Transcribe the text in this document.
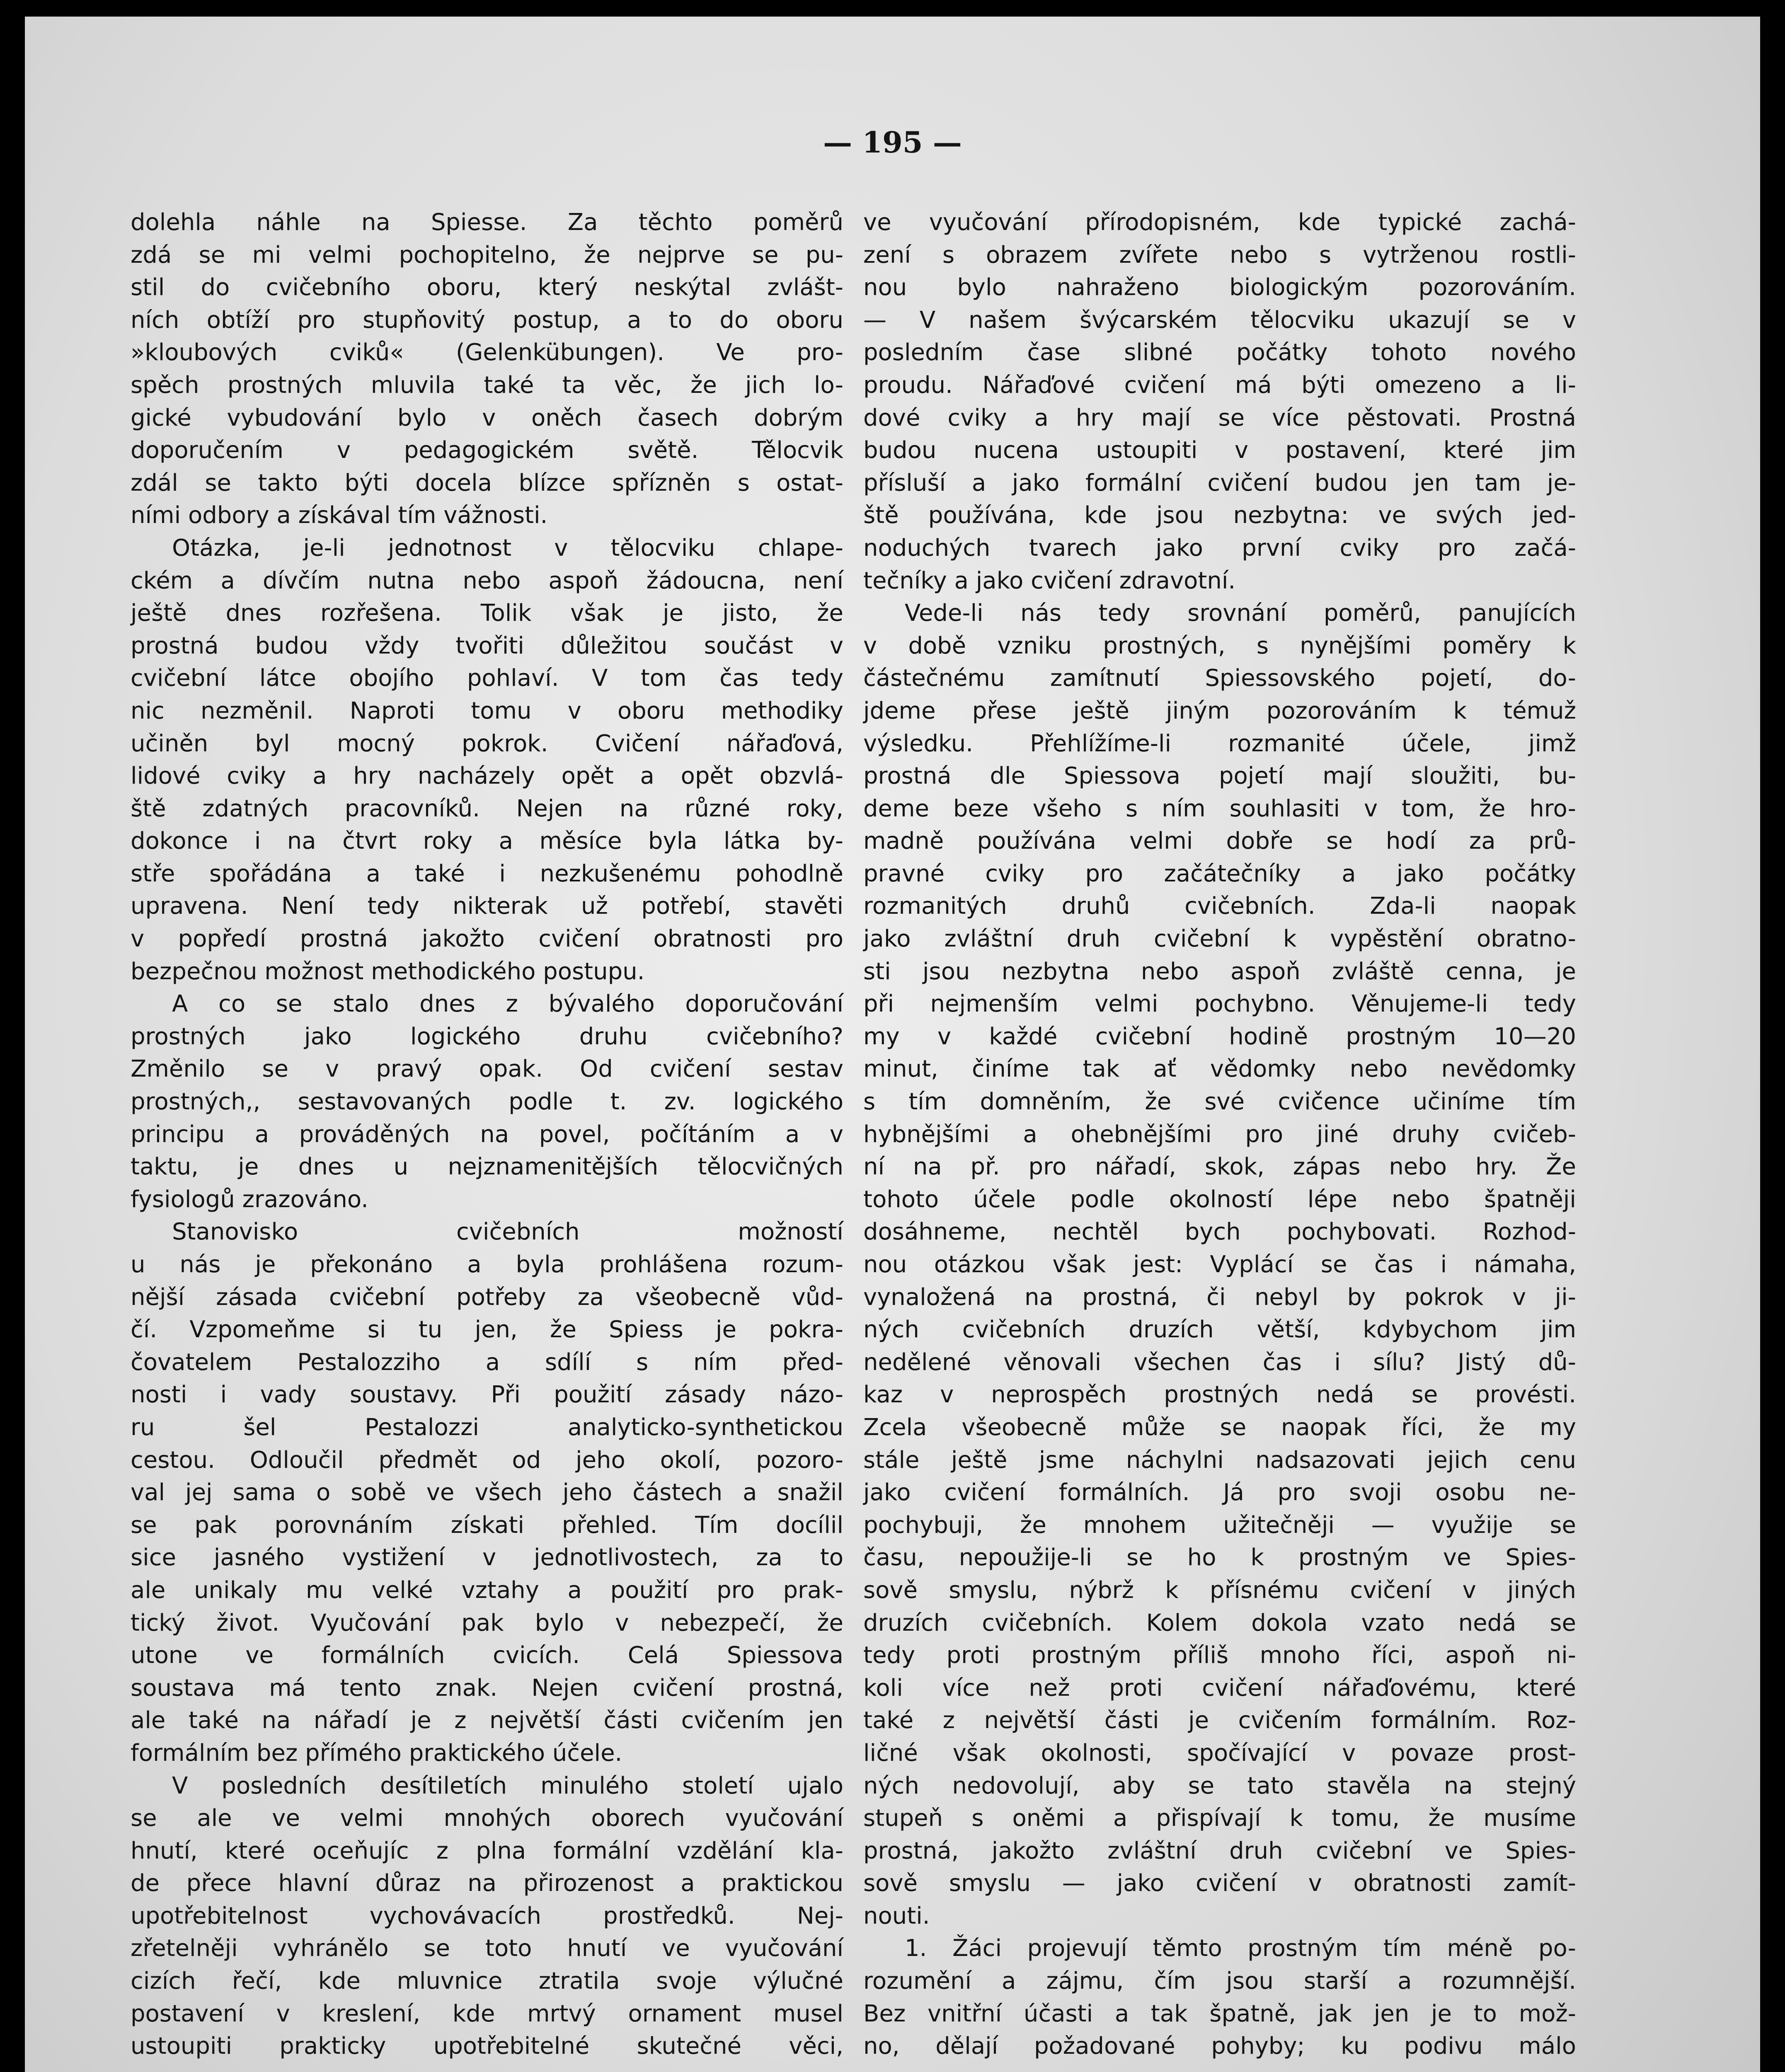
— 195 —

dolehla náhle na Spiesse. Za těchto poměrů

zdá se mi velmi pochopitelno, že nejprve se pu-

stil do cvičebního oboru, který neskýtal zvlášt-

ních obtíží pro stupňovitý postup, a to do oboru

»kloubových cviků« (Gelenkübungen). Ve pro-

spěch prostných mluvila také ta věc, že jich lo-

gické vybudování bylo v oněch časech dobrým

doporučením v pedagogickém světě. Tělocvik

zdál se takto býti docela blízce spřízněn s ostat-

ními odbory a získával tím vážnosti.

Otázka, je-li jednotnost v tělocviku chlape-

ckém a dívčím nutna nebo aspoň žádoucna, není

ještě dnes rozřešena. Tolik však je jisto, že

prostná budou vždy tvořiti důležitou součást v

cvičební látce obojího pohlaví. V tom čas tedy

nic nezměnil. Naproti tomu v oboru methodiky

učiněn byl mocný pokrok. Cvičení nářaďová,

lidové cviky a hry nacházely opět a opět obzvlá-

ště zdatných pracovníků. Nejen na různé roky,

dokonce i na čtvrt roky a měsíce byla látka by-

stře spořádána a také i nezkušenému pohodlně

upravena. Není tedy nikterak už potřebí, stavěti

v popředí prostná jakožto cvičení obratnosti pro

bezpečnou možnost methodického postupu.

A co se stalo dnes z bývalého doporučování

prostných jako logického druhu cvičebního?

Změnilo se v pravý opak. Od cvičení sestav

prostných,, sestavovaných podle t. zv. logického

principu a prováděných na povel, počítáním a v

taktu, je dnes u nejznamenitějších tělocvičných

fysiologů zrazováno.

Stanovisko cvičebních možností

u nás je překonáno a byla prohlášena rozum-

nější zásada cvičební potřeby za všeobecně vůd-

čí. Vzpomeňme si tu jen, že Spiess je pokra-

čovatelem Pestalozziho a sdílí s ním před-

nosti i vady soustavy. Při použití zásady názo-

ru šel Pestalozzi analyticko-synthetickou

cestou. Odloučil předmět od jeho okolí, pozoro-

val jej sama o sobě ve všech jeho částech a snažil

se pak porovnáním získati přehled. Tím docílil

sice jasného vystižení v jednotlivostech, za to

ale unikaly mu velké vztahy a použití pro prak-

tický život. Vyučování pak bylo v nebezpečí, že

utone ve formálních cvicích. Celá Spiessova

soustava má tento znak. Nejen cvičení prostná,

ale také na nářadí je z největší části cvičením jen

formálním bez přímého praktického účele.

V posledních desítiletích minulého století ujalo

se ale ve velmi mnohých oborech vyučování

hnutí, které oceňujíc z plna formální vzdělání kla-

de přece hlavní důraz na přirozenost a praktickou

upotřebitelnost vychovávacích prostředků. Nej-

zřetelněji vyhránělo se toto hnutí ve vyučování

cizích řečí, kde mluvnice ztratila svoje výlučné

postavení v kreslení, kde mrtvý ornament musel

ustoupiti prakticky upotřebitelné skutečné věci,

ve vyučování přírodopisném, kde typické zachá-

zení s obrazem zvířete nebo s vytrženou rostli-

nou bylo nahraženo biologickým pozorováním.

— V našem švýcarském tělocviku ukazují se v

posledním čase slibné počátky tohoto nového

proudu. Nářaďové cvičení má býti omezeno a li-

dové cviky a hry mají se více pěstovati. Prostná

budou nucena ustoupiti v postavení, které jim

přísluší a jako formální cvičení budou jen tam je-

ště používána, kde jsou nezbytna: ve svých jed-

noduchých tvarech jako první cviky pro začá-

tečníky a jako cvičení zdravotní.

Vede-li nás tedy srovnání poměrů, panujících

v době vzniku prostných, s nynějšími poměry k

částečnému zamítnutí Spiessovského pojetí, do-

jdeme přese ještě jiným pozorováním k témuž

výsledku. Přehlížíme-li rozmanité účele, jimž

prostná dle Spiessova pojetí mají sloužiti, bu-

deme beze všeho s ním souhlasiti v tom, že hro-

madně používána velmi dobře se hodí za prů-

pravné cviky pro začátečníky a jako počátky

rozmanitých druhů cvičebních. Zda-li naopak

jako zvláštní druh cvičební k vypěstění obratno-

sti jsou nezbytna nebo aspoň zvláště cenna, je

při nejmenším velmi pochybno. Věnujeme-li tedy

my v každé cvičební hodině prostným 10—20

minut, činíme tak ať vědomky nebo nevědomky

s tím domněním, že své cvičence učiníme tím

hybnějšími a ohebnějšími pro jiné druhy cvičeb-

ní na př. pro nářadí, skok, zápas nebo hry. Že

tohoto účele podle okolností lépe nebo špatněji

dosáhneme, nechtěl bych pochybovati. Rozhod-

nou otázkou však jest: Vyplácí se čas i námaha,

vynaložená na prostná, či nebyl by pokrok v ji-

ných cvičebních druzích větší, kdybychom jim

nedělené věnovali všechen čas i sílu? Jistý dů-

kaz v neprospěch prostných nedá se provésti.

Zcela všeobecně může se naopak říci, že my

stále ještě jsme náchylni nadsazovati jejich cenu

jako cvičení formálních. Já pro svoji osobu ne-

pochybuji, že mnohem užitečněji — využije se

času, nepoužije-li se ho k prostným ve Spies-

sově smyslu, nýbrž k přísnému cvičení v jiných

druzích cvičebních. Kolem dokola vzato nedá se

tedy proti prostným příliš mnoho říci, aspoň ni-

koli více než proti cvičení nářaďovému, které

také z největší části je cvičením formálním. Roz-

ličné však okolnosti, spočívající v povaze prost-

ných nedovolují, aby se tato stavěla na stejný

stupeň s oněmi a přispívají k tomu, že musíme

prostná, jakožto zvláštní druh cvičební ve Spies-

sově smyslu — jako cvičení v obratnosti zamít-

nouti.

1. Žáci projevují těmto prostným tím méně po-

rozumění a zájmu, čím jsou starší a rozumnější.

Bez vnitřní účasti a tak špatně, jak jen je to mož-

no, dělají požadované pohyby; ku podivu málo
